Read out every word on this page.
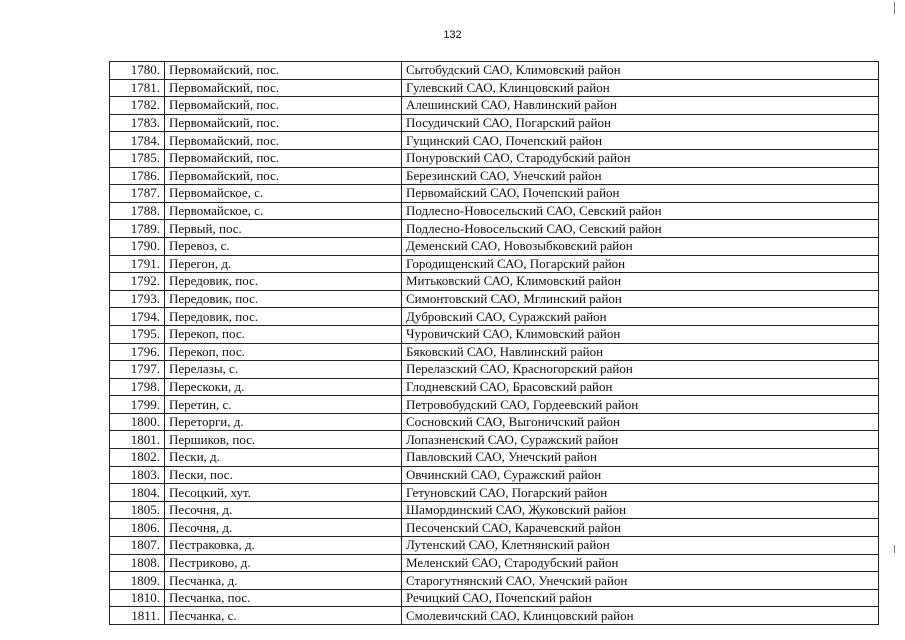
132
1780.	Первомайский, пос.	Сытобудский САО, Климовский район
1781.	Первомайский, пос.	Гулевский САО, Клинцовский район
1782.	Первомайский, пос.	Алешинский САО, Навлинский район
1783.	Первомайский, пос.	Посудичский САО, Погарский район
1784.	Первомайский, пос.	Гущинский САО, Почепский район
1785.	Первомайский, пос.	Понуровский САО, Стародубский район
1786.	Первомайский, пос.	Березинский САО, Унечский район
1787.	Первомайское, с.	Первомайский САО, Почепский район
1788.	Первомайское, с.	Подлесно-Новосельский САО, Севский район
1789.	Первый, пос.	Подлесно-Новосельский САО, Севский район
1790.	Перевоз, с.	Деменский САО, Новозыбковский район
1791.	Перегон, д.	Городищенский САО, Погарский район
1792.	Передовик, пос.	Митьковский САО, Климовский район
1793.	Передовик, пос.	Симонтовский САО, Мглинский район
1794.	Передовик, пос.	Дубровский САО, Суражский район
1795.	Перекоп, пос.	Чуровичский САО, Климовский район
1796.	Перекоп, пос.	Бяковский САО, Навлинский район
1797.	Перелазы, с.	Перелазский САО, Красногорский район
1798.	Перескоки, д.	Глодневский САО, Брасовский район
1799.	Перетин, с.	Петровобудский САО, Гордеевский район
1800.	Переторги, д.	Сосновский САО, Выгоничский район
1801.	Першиков, пос.	Лопазненский САО, Суражский район
1802.	Пески, д.	Павловский САО, Унечский район
1803.	Пески, пос.	Овчинский САО, Суражский район
1804.	Песоцкий, хут.	Гетуновский САО, Погарский район
1805.	Песочня, д.	Шамординский САО, Жуковский район
1806.	Песочня, д.	Песоченский САО, Карачевский район
1807.	Пестраковка, д.	Лутенский САО, Клетнянский район
1808.	Пестриково, д.	Меленский САО, Стародубский район
1809.	Песчанка, д.	Старогутнянский САО, Унечский район
1810.	Песчанка, пос.	Речицкий САО, Почепский район
1811.	Песчанка, с.	Смолевичский САО, Клинцовский район
